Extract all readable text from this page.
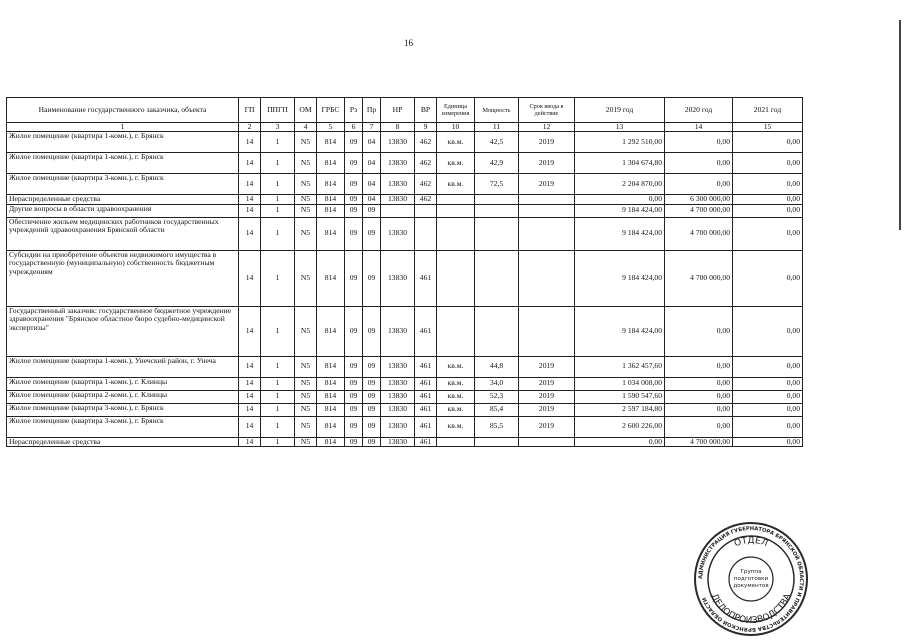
16
Наименование государственного заказчика, объекта	ГП	ППГП	ОМ	ГРБС	Рз	Пр	НР	ВР	Единица измерения	Мощность	Срок ввода в действие	2019 год	2020 год	2021 год
1	2	3	4	5	6	7	8	9	10	11	12	13	14	15
Жилое помещение (квартира 1-комн.), г. Брянск	14	1	N5	814	09	04	13830	462	кв.м.	42,5	2019	1 292 510,00	0,00	0,00
Жилое помещение (квартира 1-комн.), г. Брянск	14	1	N5	814	09	04	13830	462	кв.м.	42,9	2019	1 304 674,80	0,00	0,00
Жилое помещение (квартира 3-комн.), г. Брянск	14	1	N5	814	09	04	13830	462	кв.м.	72,5	2019	2 204 870,00	0,00	0,00
Нераспределенные средства	14	1	N5	814	09	04	13830	462				0,00	6 300 000,00	0,00
Другие вопросы в области здравоохранения	14	1	N5	814	09	09						9 184 424,00	4 700 000,00	0,00
Обеспечение жильем медицинских работников государственных учреждений здравоохранения Брянской области	14	1	N5	814	09	09	13830					9 184 424,00	4 700 000,00	0,00
Субсидии на приобретение объектов недвижимого имущества в государственную (муниципальную) собственность бюджетным учреждениям	14	1	N5	814	09	09	13830	461				9 184 424,00	4 700 000,00	0,00
Государственный заказчик: государственное бюджетное учреждение здравоохранения "Брянское областное бюро судебно-медицинской экспертизы"	14	1	N5	814	09	09	13830	461				9 184 424,00	0,00	0,00
Жилое помещение (квартира 1-комн.), Унечский район, г. Унеча	14	1	N5	814	09	09	13830	461	кв.м.	44,8	2019	1 362 457,60	0,00	0,00
Жилое помещение (квартира 1-комн.), г. Клинцы	14	1	N5	814	09	09	13830	461	кв.м.	34,0	2019	1 034 008,00	0,00	0,00
Жилое помещение (квартира 2-комн.), г. Клинцы	14	1	N5	814	09	09	13830	461	кв.м.	52,3	2019	1 590 547,60	0,00	0,00
Жилое помещение (квартира 3-комн.), г. Брянск	14	1	N5	814	09	09	13830	461	кв.м.	85,4	2019	2 597 184,80	0,00	0,00
Жилое помещение (квартира 3-комн.), г. Брянск	14	1	N5	814	09	09	13830	461	кв.м.	85,5	2019	2 600 226,00	0,00	0,00
Нераспределенные средства	14	1	N5	814	09	09	13830	461				0,00	4 700 000,00	0,00
АДМИНИСТРАЦИЯ ГУБЕРНАТОРА БРЯНСКОЙ ОБЛАСТИ И ПРАВИТЕЛЬСТВА БРЯНСКОЙ ОБЛАСТИ
ОТДЕЛ
ДЕЛОПРОИЗВОДСТВА
Группа
подготовки
документов
